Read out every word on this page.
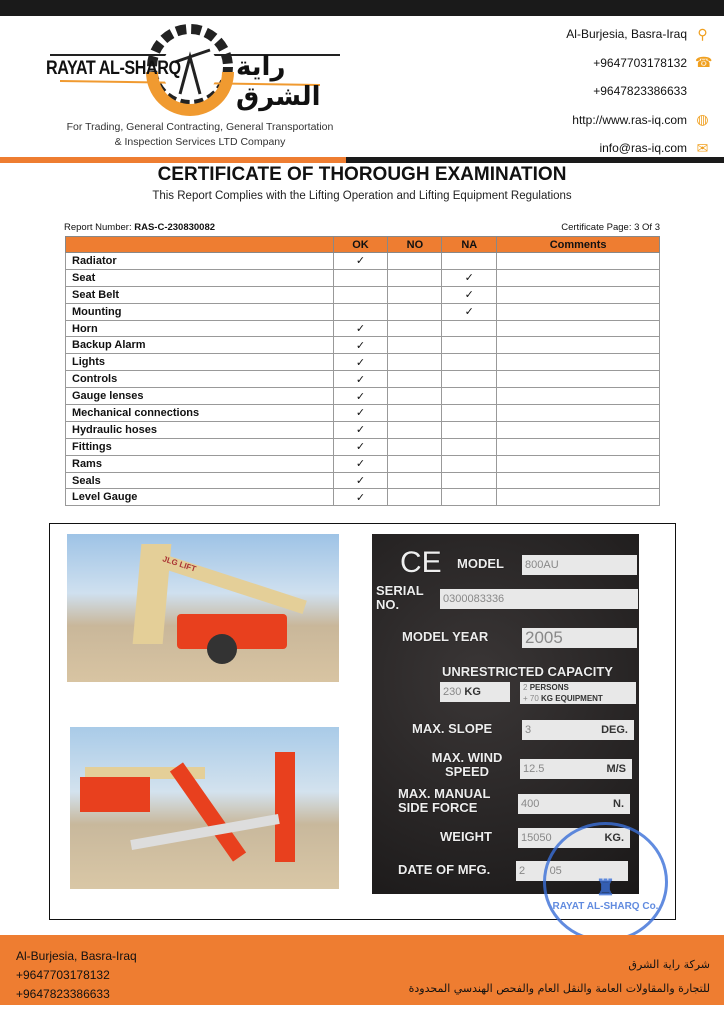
RAYAT AL-SHARQ راية الشرق
For Trading, General Contracting, General Transportation
& Inspection Services LTD Company
Al-Burjesia, Basra-Iraq ⚲
+9647703178132 ☎
+9647823386633
http://www.ras-iq.com ◍
info@ras-iq.com ✉
CERTIFICATE OF THOROUGH EXAMINATION
This Report Complies with the Lifting Operation and Lifting Equipment Regulations
Report Number: RAS-C-230830082	Certificate Page: 3 Of 3
	OK	NO	NA	Comments
Radiator	✓			
Seat			✓	
Seat Belt			✓	
Mounting			✓	
Horn	✓			
Backup Alarm	✓			
Lights	✓			
Controls	✓			
Gauge lenses	✓			
Mechanical connections	✓			
Hydraulic hoses	✓			
Fittings	✓			
Rams	✓			
Seals	✓			
Level Gauge	✓			
JLG LIFT	CE MODEL 800AU
SERIAL NO.	0300083336
MODEL YEAR 2005
UNRESTRICTED CAPACITY
230 KG	2 PERSONS
+ 70 KG EQUIPMENT
MAX. SLOPE	3	DEG.
MAX. WIND SPEED	12.5	M/S
MAX. MANUAL SIDE FORCE	400	N.
WEIGHT	15050	KG.
DATE OF MFG.	2        05
♜
RAYAT AL-SHARQ Co.
Al-Burjesia, Basra-Iraq
+9647703178132
+9647823386633
شركة راية الشرق
للتجارة والمقاولات العامة والنقل العام والفحص الهندسي المحدودة
